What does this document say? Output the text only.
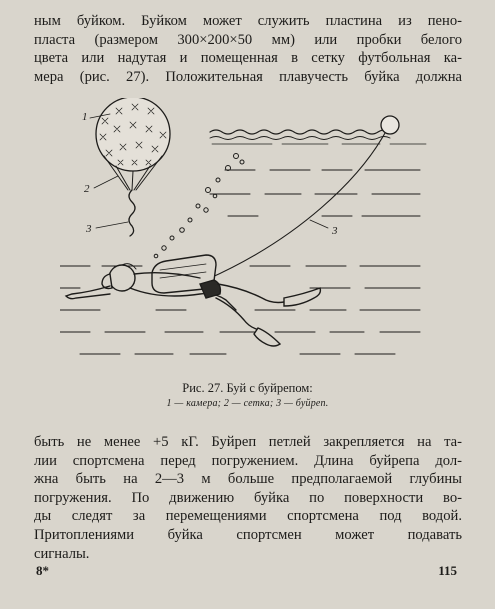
ным буйком. Буйком может служить пластина из пено-
пласта (размером 300×200×50 мм) или пробки белого
цвета или надутая и помещенная в сетку футбольная ка-
мера (рис. 27). Положительная плавучесть буйка должна

1
2
3	3
Рис. 27. Буй с буйрепом:
1 — камера; 2 — сетка; 3 — буйреп.

быть не менее +5 кГ. Буйреп петлей закрепляется на та-
лии спортсмена перед погружением. Длина буйрепа дол-
жна быть на 2—3 м больше предполагаемой глубины
погружения. По движению буйка по поверхности во-
ды следят за перемещениями спортсмена под водой.
Притоплениями буйка спортсмен может подавать
сигналы.

8*	115
